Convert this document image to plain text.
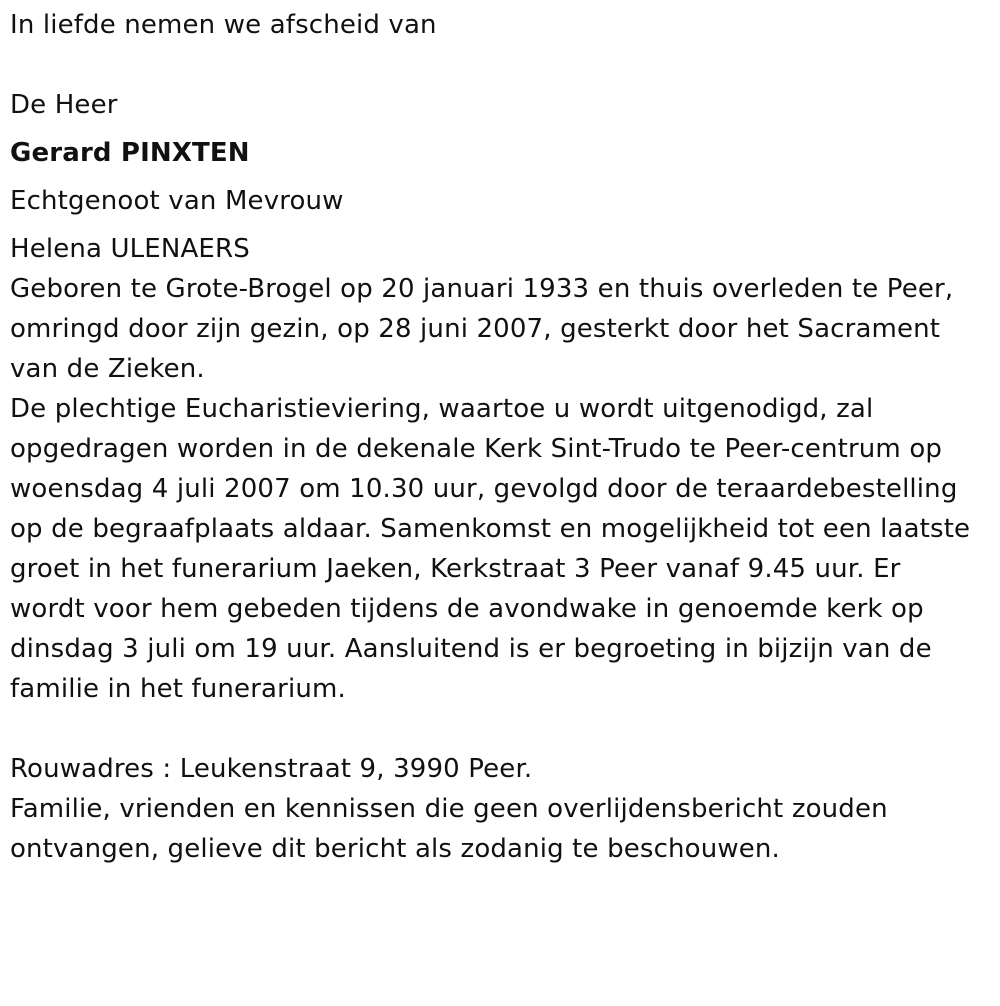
In liefde nemen we afscheid van
De Heer
Gerard PINXTEN
Echtgenoot van Mevrouw
Helena ULENAERS
Geboren te Grote-Brogel op 20 januari 1933 en thuis overleden te Peer,
omringd door zijn gezin, op 28 juni 2007, gesterkt door het Sacrament
van de Zieken.
De plechtige Eucharistieviering, waartoe u wordt uitgenodigd, zal
opgedragen worden in de dekenale Kerk Sint-Trudo te Peer-centrum op
woensdag 4 juli 2007 om 10.30 uur, gevolgd door de teraardebestelling
op de begraafplaats aldaar. Samenkomst en mogelijkheid tot een laatste
groet in het funerarium Jaeken, Kerkstraat 3 Peer vanaf 9.45 uur. Er
wordt voor hem gebeden tijdens de avondwake in genoemde kerk op
dinsdag 3 juli om 19 uur. Aansluitend is er begroeting in bijzijn van de
familie in het funerarium.
Rouwadres : Leukenstraat 9, 3990 Peer.
Familie, vrienden en kennissen die geen overlijdensbericht zouden
ontvangen, gelieve dit bericht als zodanig te beschouwen.
